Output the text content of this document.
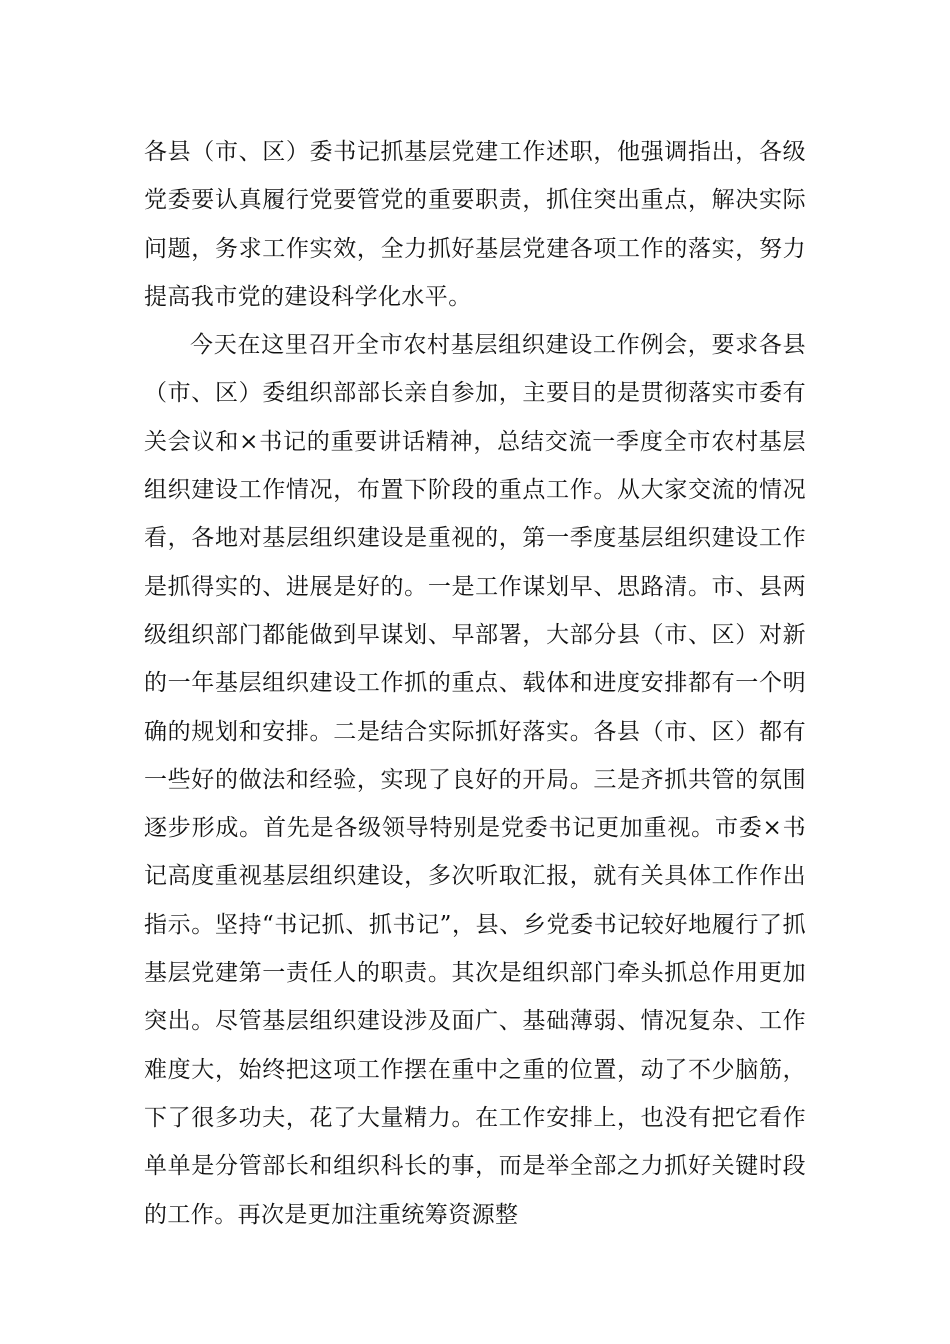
各县（市、区）委书记抓基层党建工作述职，他强调指出，各级党委要认真履行党要管党的重要职责，抓住突出重点，解决实际问题，务求工作实效，全力抓好基层党建各项工作的落实，努力提高我市党的建设科学化水平。

今天在这里召开全市农村基层组织建设工作例会，要求各县（市、区）委组织部部长亲自参加，主要目的是贯彻落实市委有关会议和×书记的重要讲话精神，总结交流一季度全市农村基层组织建设工作情况，布置下阶段的重点工作。从大家交流的情况看，各地对基层组织建设是重视的，第一季度基层组织建设工作是抓得实的、进展是好的。一是工作谋划早、思路清。市、县两级组织部门都能做到早谋划、早部署，大部分县（市、区）对新的一年基层组织建设工作抓的重点、载体和进度安排都有一个明确的规划和安排。二是结合实际抓好落实。各县（市、区）都有一些好的做法和经验，实现了良好的开局。三是齐抓共管的氛围逐步形成。首先是各级领导特别是党委书记更加重视。市委×书记高度重视基层组织建设，多次听取汇报，就有关具体工作作出指示。坚持“书记抓、抓书记”，县、乡党委书记较好地履行了抓基层党建第一责任人的职责。其次是组织部门牵头抓总作用更加突出。尽管基层组织建设涉及面广、基础薄弱、情况复杂、工作难度大，始终把这项工作摆在重中之重的位置，动了不少脑筋，下了很多功夫，花了大量精力。在工作安排上，也没有把它看作单单是分管部长和组织科长的事，而是举全部之力抓好关键时段的工作。再次是更加注重统筹资源整
